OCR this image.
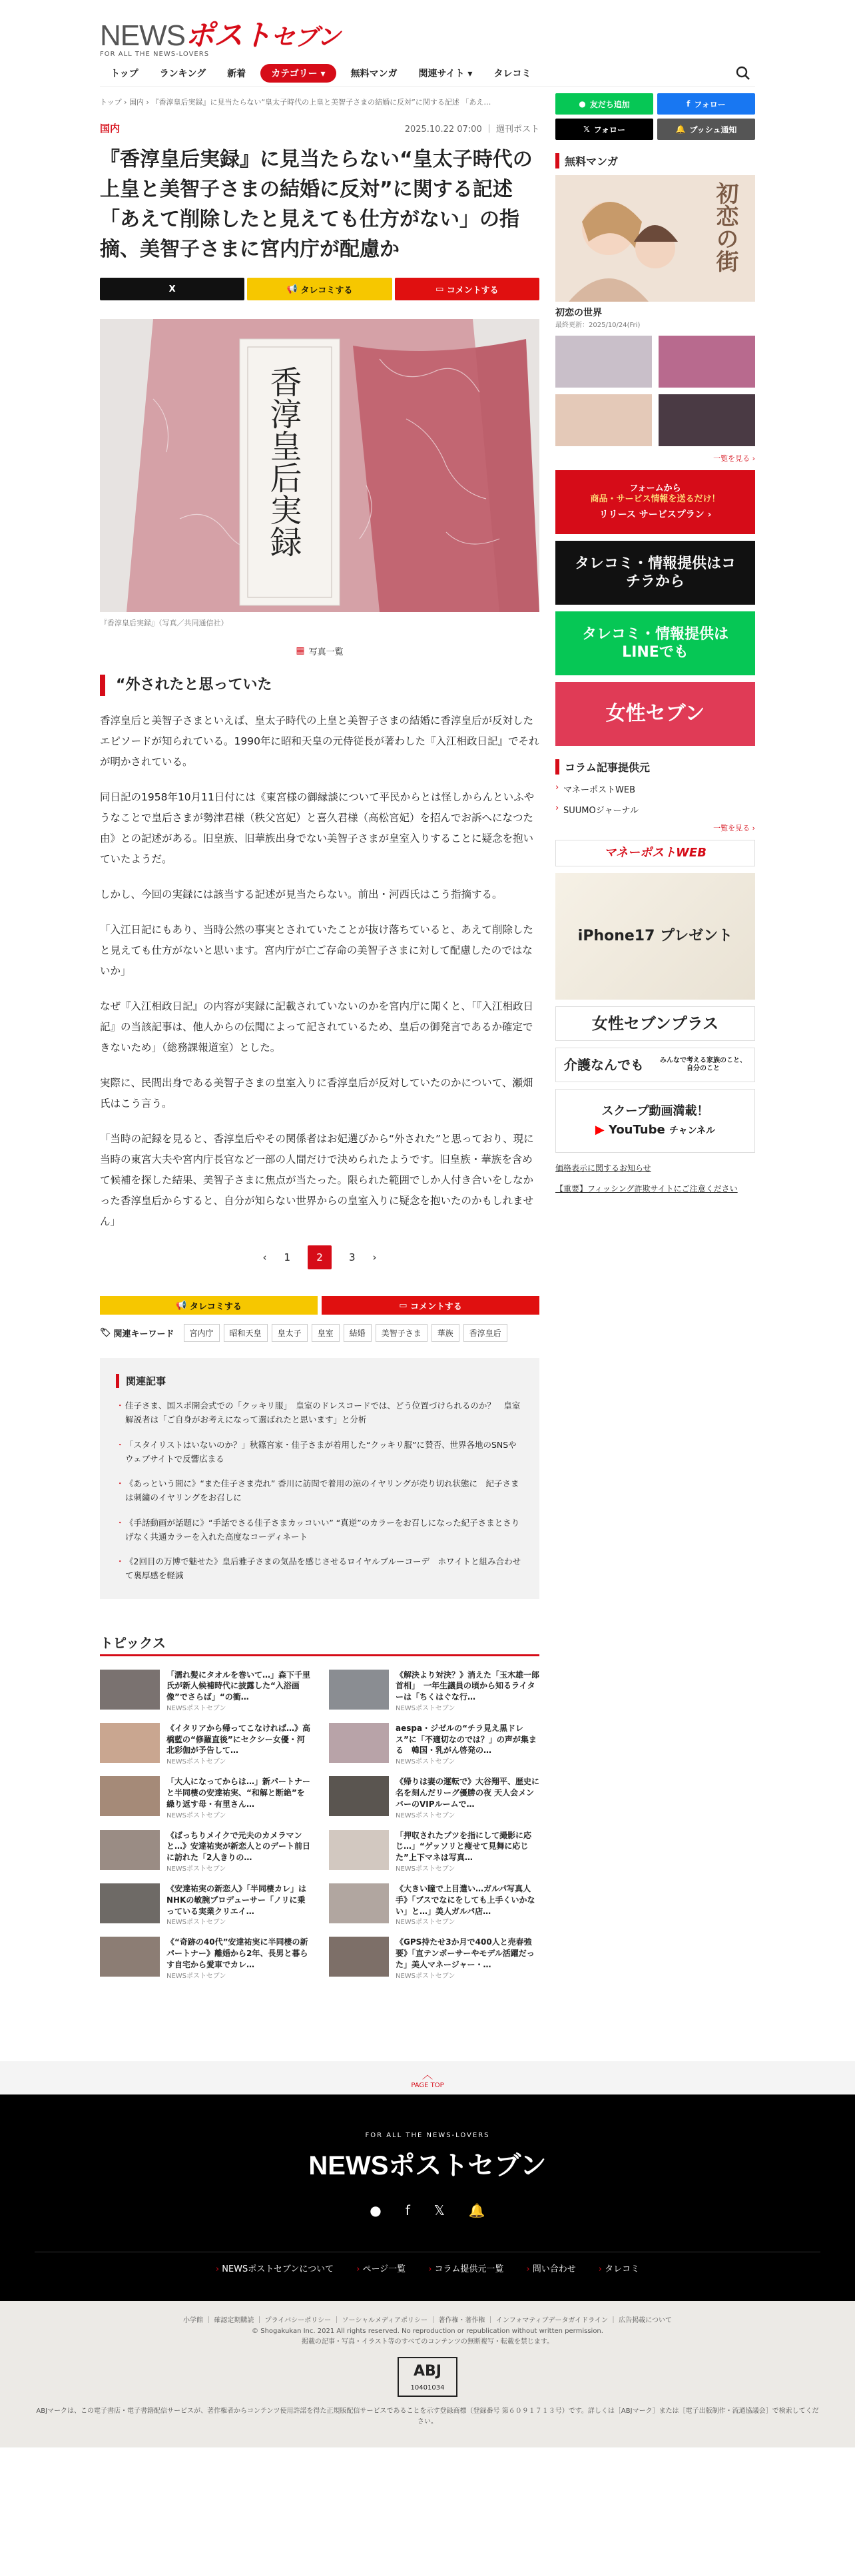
NEWSポストセブン
FOR ALL THE NEWS-LOVERS
トップ	ランキング	新着	カテゴリー ▾	無料マンガ	関連サイト ▾	タレコミ
トップ › 国内 › 『香淳皇后実録』に見当たらない“皇太子時代の上皇と美智子さまの結婚に反対”に関する記述 「あえ…
国内	2025.10.22 07:00 ｜ 週刊ポスト
『香淳皇后実録』に見当たらない“皇太子時代の上皇と美智子さまの結婚に反対”に関する記述 「あえて削除したと見えても仕方がない」の指摘、美智子さまに宮内庁が配慮か
X	📢 タレコミする	▭ コメントする
香淳皇后実録
『香淳皇后実録』（写真／共同通信社）
▦ 写真一覧
“外されたと思っていた

香淳皇后と美智子さまといえば、皇太子時代の上皇と美智子さまの結婚に香淳皇后が反対したエピソードが知られている。1990年に昭和天皇の元侍従長が著わした『入江相政日記』でそれが明かされている。

同日記の1958年10月11日付には《東宮様の御縁談について平民からとは怪しからんといふやうなことで皇后さまが勢津君様（秩父宮妃）と喜久君様（高松宮妃）を招んでお訴へになつた由》との記述がある。旧皇族、旧華族出身でない美智子さまが皇室入りすることに疑念を抱いていたようだ。

しかし、今回の実録には該当する記述が見当たらない。前出・河西氏はこう指摘する。

「入江日記にもあり、当時公然の事実とされていたことが抜け落ちていると、あえて削除したと見えても仕方がないと思います。宮内庁が亡ご存命の美智子さまに対して配慮したのではないか」

なぜ『入江相政日記』の内容が実録に記載されていないのかを宮内庁に聞くと、「『入江相政日記』の当該記事は、他人からの伝聞によって記されているため、皇后の御発言であるか確定できないため」（総務課報道室）とした。

実際に、民間出身である美智子さまの皇室入りに香淳皇后が反対していたのかについて、瀬畑氏はこう言う。

「当時の記録を見ると、香淳皇后やその関係者はお妃選びから“外された”と思っており、現に当時の東宮大夫や宮内庁長官など一部の人間だけで決められたようです。旧皇族・華族を含めて候補を探した結果、美智子さまに焦点が当たった。限られた範囲でしか人付き合いをしなかった香淳皇后からすると、自分が知らない世界からの皇室入りに疑念を抱いたのかもしれません」

‹ 1	2	3 ›
📢 タレコミする	▭ コメントする
🏷 関連キーワード	宮内庁	昭和天皇	皇太子	皇室	結婚	美智子さま	華族	香淳皇后
関連記事
・ 佳子さま、国スポ開会式での「クッキリ服」　皇室のドレスコードでは、どう位置づけられるのか？　皇室解説者は「ご自身がお考えになって選ばれたと思います」と分析
・ 「スタイリストはいないのか？」秋篠宮家・佳子さまが着用した“クッキリ服”に賛否、世界各地のSNSやウェブサイトで反響広まる
・ 《あっという間に》“また佳子さま売れ” 香川に訪問で着用の涼のイヤリングが売り切れ状態に　紀子さまは刺繍のイヤリングをお召しに
・ 《手話動画が話題に》“手話でさる佳子さまカッコいい” “真逆”のカラーをお召しになった紀子さまとさりげなく共通カラーを入れた高度なコーディネート
・ 《2回目の万博で魅せた》皇后雅子さまの気品を感じさせるロイヤルブルーコーデ　ホワイトと組み合わせて裏厚感を軽減
トピックス
「濡れ髪にタオルを巻いて…」森下千里氏が新人候補時代に披露した“入浴画像”でさらば」“の衝…
NEWSポストセブン
《解決より対決？》消えた「玉木雄一郎首相」　一年生議員の頃から知るライターは「ちくはぐな行…
NEWSポストセブン
《イタリアから帰ってこなければ…》高橋藍の“修羅直後”にセクシー女優・河北彩伽が予告して…
NEWSポストセブン
aespa・ジゼルの“チラ見え黒ドレス”に「不適切なのでは？」の声が集まる　韓国・乳がん啓発の…
NEWSポストセブン
「大人になってからは…」新パートナーと半同棲の安達祐実、“和解と断絶”を繰り返す母・有里さん…
NEWSポストセブン
《帰りは妻の運転で》大谷翔平、歴史に名を刻んだリーグ優勝の夜 天人会メンバーのVIPルームで…
NEWSポストセブン
《ばっちりメイクで元夫のカメラマンと…》安達祐実が新恋人とのデート前日に訪れた「2人きりの…
NEWSポストセブン
「押収されたブツを指にして撮影に応じ…」“ゲッソリと痩せて見舞に応じた”上下マネは写真…
NEWSポストセブン
《安達祐実の新恋人》「半同棲カレ」はNHKの敏腕プロデューサー「ノリに乗っている実業クリエイ…
NEWSポストセブン
《大きい瞳で上目遣い…ガルパ写真人手》「ブスでなにをしても上手くいかない」と…」美人ガルパ店…
NEWSポストセブン
《“奇跡の40代”安達祐実に半同棲の新パートナー》離婚から2年、長男と暮らす自宅から愛車でカレ…
NEWSポストセブン
《GPS持たせ3か月で400人と売春強要》「直テンポーサーやモデル活躍だった」美人マネージャー・…
NEWSポストセブン
● 友だち追加	f フォロー
𝕏 フォロー	🔔 プッシュ通知
無料マンガ
初恋の街
初恋の世界
最終更新：2025/10/24(Fri)
一覧を見る ›
フォームから
商品・サービス情報を送るだけ！
リリース サービスプラン ›
タレコミ・情報提供はコチラから
タレコミ・情報提供はLINEでも
女性セブン
コラム記事提供元
› マネーポストWEB
› SUUMOジャーナル
一覧を見る ›
マネーポストWEB
iPhone17 プレゼント
女性セブンプラス
介護なんでも みんなで考える家族のこと、自分のこと
スクープ動画満載！
▶ YouTube チャンネル
価格表示に関するお知らせ
【重要】フィッシング詐欺サイトにご注意ください
︿
PAGE TOP
FOR ALL THE NEWS-LOVERS
NEWSポストセブン
● f 𝕏 🔔
› NEWSポストセブンについて	› ページ一覧	› コラム提供元一覧	› 問い合わせ	› タレコミ
小学館 ｜ 確認定期購読 ｜ プライバシーポリシー ｜ ソーシャルメディアポリシー ｜ 著作権・著作権 ｜ インフォマティブデータガイドライン ｜ 広告掲載について
© Shogakukan Inc. 2021 All rights reserved. No reproduction or republication without written permission.
掲載の記事・写真・イラスト等のすべてのコンテンツの無断複写・転載を禁じます。
ABJ
10401034
ABJマークは、この電子書店・電子書籍配信サービスが、著作権者からコンテンツ使用許諾を得た正規版配信サービスであることを示す登録商標（登録番号 第６０９１７１３号）です。詳しくは［ABJマーク］または［電子出版制作・流通協議会］で検索してください。
